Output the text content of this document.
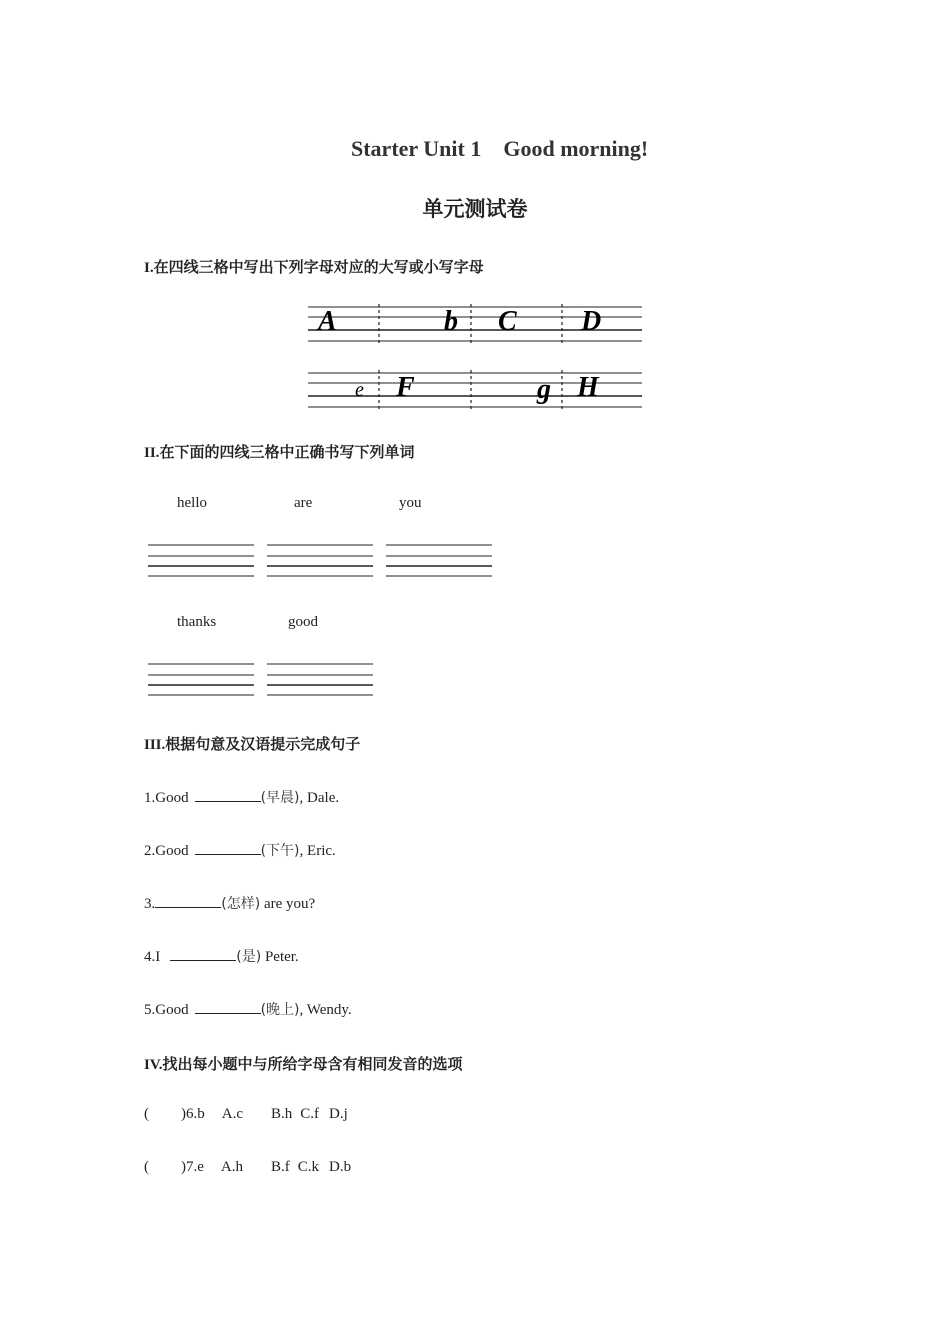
Starter Unit 1 Good morning!
单元测试卷
I.在四线三格中写出下列字母对应的大写或小写字母
A	b C D
e F	g H
II.在下面的四线三格中正确书写下列单词
hello	are	you
thanks	good
III.根据句意及汉语提示完成句子
1.Good	(早晨), Dale.
2.Good	(下午), Eric.
3.	(怎样) are you?
4.I	(是) Peter.
5.Good	(晚上), Wendy.
IV.找出每小题中与所给字母含有相同发音的选项
( )6.b A.c B.h C.f D.j
( )7.e A.h B.f C.k D.b
